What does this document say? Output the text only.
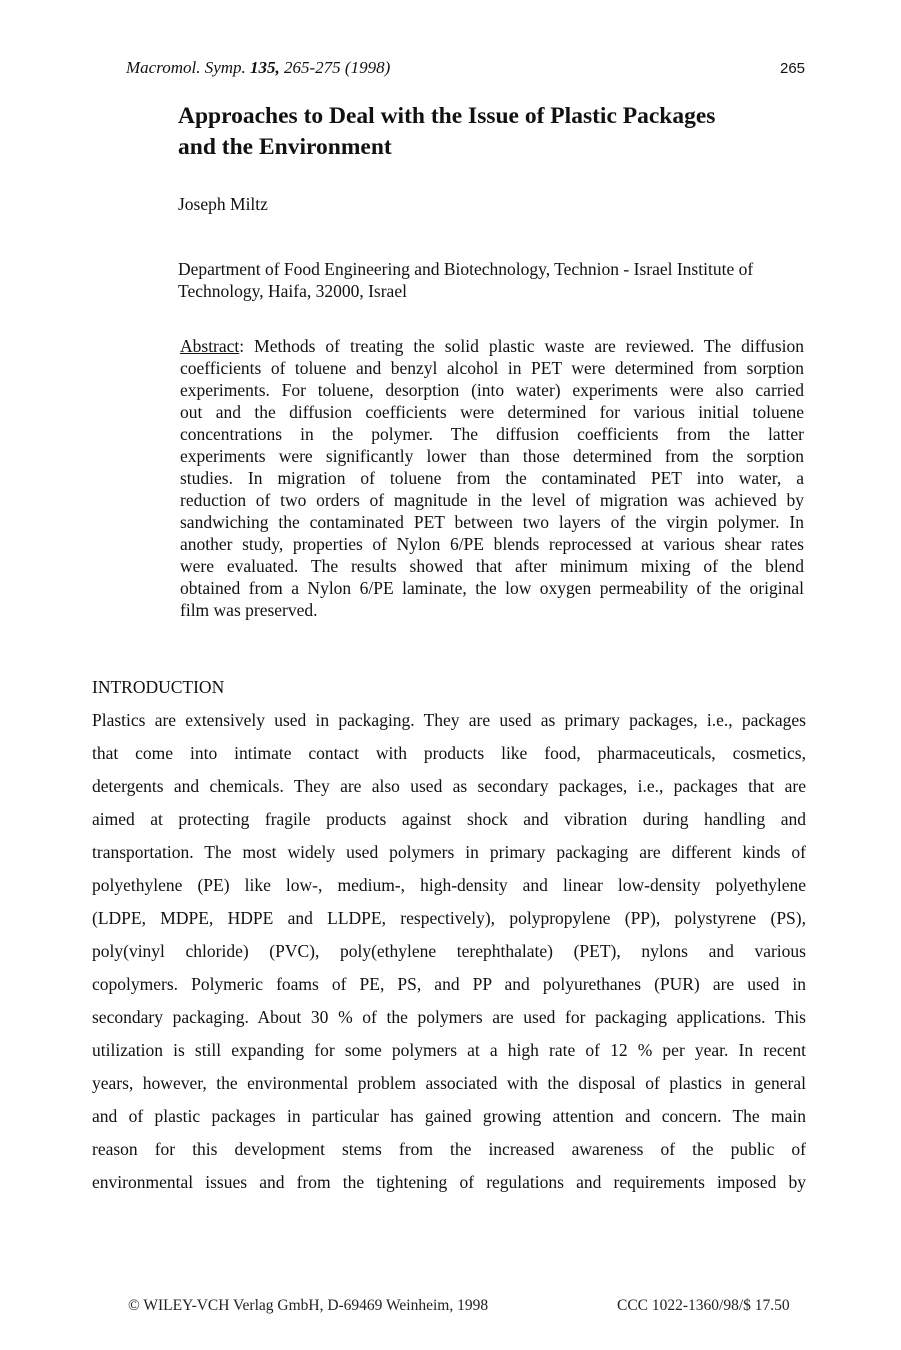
Macromol. Symp. 135, 265-275 (1998)	265
Approaches to Deal with the Issue of Plastic Packages
and the Environment
Joseph Miltz
Department of Food Engineering and Biotechnology, Technion - Israel Institute of
Technology, Haifa, 32000, Israel
Abstract: Methods of treating the solid plastic waste are reviewed. The diffusion
coefficients of toluene and benzyl alcohol in PET were determined from sorption
experiments. For toluene, desorption (into water) experiments were also carried
out and the diffusion coefficients were determined for various initial toluene
concentrations in the polymer. The diffusion coefficients from the latter
experiments were significantly lower than those determined from the sorption
studies. In migration of toluene from the contaminated PET into water, a
reduction of two orders of magnitude in the level of migration was achieved by
sandwiching the contaminated PET between two layers of the virgin polymer. In
another study, properties of Nylon 6/PE blends reprocessed at various shear rates
were evaluated. The results showed that after minimum mixing of the blend
obtained from a Nylon 6/PE laminate, the low oxygen permeability of the original
film was preserved.
INTRODUCTION
Plastics are extensively used in packaging. They are used as primary packages, i.e., packages
that come into intimate contact with products like food, pharmaceuticals, cosmetics,
detergents and chemicals. They are also used as secondary packages, i.e., packages that are
aimed at protecting fragile products against shock and vibration during handling and
transportation. The most widely used polymers in primary packaging are different kinds of
polyethylene (PE) like low-, medium-, high-density and linear low-density polyethylene
(LDPE, MDPE, HDPE and LLDPE, respectively), polypropylene (PP), polystyrene (PS),
poly(vinyl chloride) (PVC), poly(ethylene terephthalate) (PET), nylons and various
copolymers. Polymeric foams of PE, PS, and PP and polyurethanes (PUR) are used in
secondary packaging. About 30 % of the polymers are used for packaging applications. This
utilization is still expanding for some polymers at a high rate of 12 % per year. In recent
years, however, the environmental problem associated with the disposal of plastics in general
and of plastic packages in particular has gained growing attention and concern. The main
reason for this development stems from the increased awareness of the public of
environmental issues and from the tightening of regulations and requirements imposed by
© WILEY-VCH Verlag GmbH, D-69469 Weinheim, 1998	CCC 1022-1360/98/$ 17.50
